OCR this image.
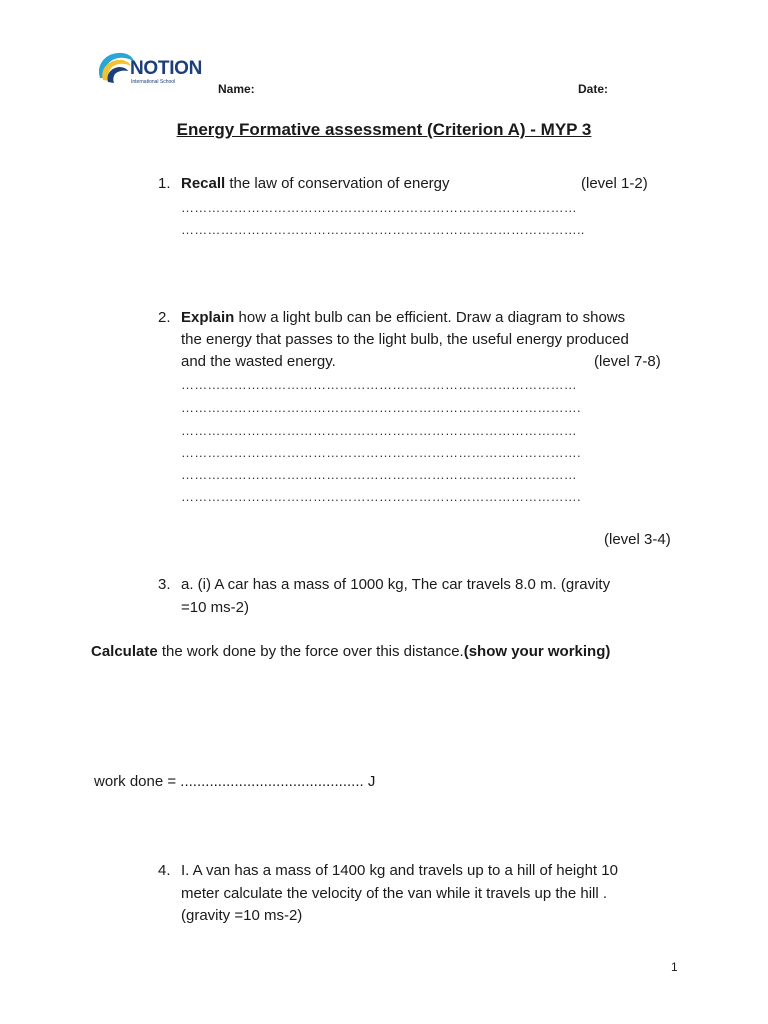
NOTION
International School	Name:	Date:
Energy Formative assessment (Criterion A) - MYP 3
1. Recall the law of conservation of energy	(level 1-2)
………………………………………………………………………………
………………………………………………………………………………..
2. Explain how a light bulb can be efficient. Draw a diagram to shows
the energy that passes to the light bulb, the useful energy produced
and the wasted energy.	(level 7-8)
………………………………………………………………………………
……………………………………………………………………………….
………………………………………………………………………………
……………………………………………………………………………….
………………………………………………………………………………
……………………………………………………………………………….
(level 3-4)
3. a. (i) A car has a mass of 1000 kg, The car travels 8.0 m. (gravity
=10 ms-2)
Calculate the work done by the force over this distance.(show your working)
work done = ............................................ J
4. I. A van has a mass of 1400 kg and travels up to a hill of height 10
meter calculate the velocity of the van while it travels up the hill .
(gravity =10 ms-2)
1
